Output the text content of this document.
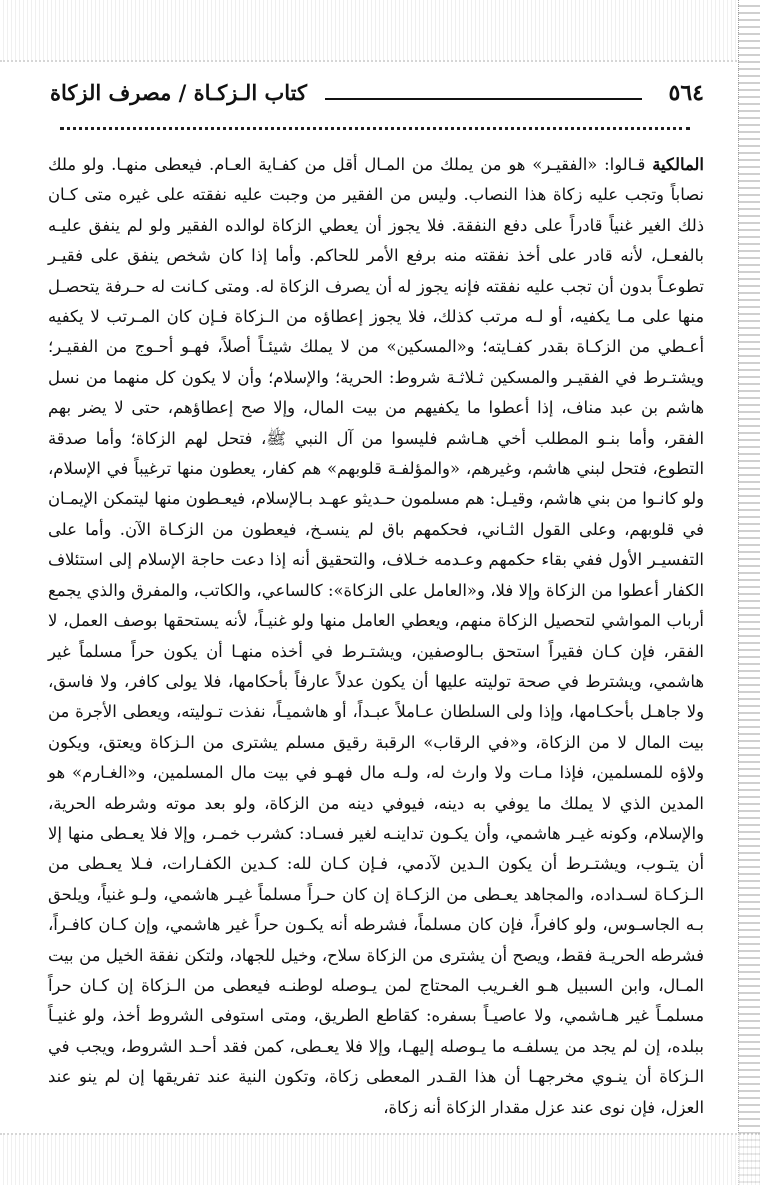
٥٦٤
كتاب الـزكـاة / مصرف الزكاة
المالكية قـالوا: «الفقيـر» هو من يملك من المـال أقل من كفـاية العـام. فيعطى منهـا. ولو ملك نصاباً وتجب عليه زكاة هذا النصاب. وليس من الفقير من وجبت عليه نفقته على غيره متى كـان ذلك الغير غنياً قادراً على دفع النفقة. فلا يجوز أن يعطي الزكاة لوالده الفقير ولو لم ينفق عليـه بالفعـل، لأنه قادر على أخذ نفقته منه برفع الأمر للحاكم. وأما إذا كان شخص ينفق على فقيـر تطوعـاً بدون أن تجب عليه نفقته فإنه يجوز له أن يصرف الزكاة له. ومتى كـانت له حـرفة يتحصـل منها على مـا يكفيه، أو لـه مرتب كذلك، فلا يجوز إعطاؤه من الـزكاة فـإن كان المـرتب لا يكفيه أعـطي من الزكـاة بقدر كفـايته؛ و«المسكين» من لا يملك شيئـاً أصلاً، فهـو أحـوج من الفقيـر؛ ويشتـرط في الفقيـر والمسكين ثـلاثـة شروط: الحرية؛ والإسلام؛ وأن لا يكون كل منهما من نسل هاشم بن عبد مناف، إذا أعطوا ما يكفيهم من بيت المال، وإلا صح إعطاؤهم، حتى لا يضر بهم الفقر، وأما بنـو المطلب أخي هـاشم فليسوا من آل النبي ﷺ، فتحل لهم الزكاة؛ وأما صدقة التطوع، فتحل لبني هاشم، وغيرهم، «والمؤلفـة قلوبهم» هم كفار، يعطون منها ترغيباً في الإسلام، ولو كانـوا من بني هاشم، وقيـل: هم مسلمون حـديثو عهـد بـالإسلام، فيعـطون منها ليتمكن الإيمـان في قلوبهم، وعلى القول الثـاني، فحكمهم باق لم ينسـخ، فيعطون من الزكـاة الآن. وأما على التفسيـر الأول ففي بقاء حكمهم وعـدمه خـلاف، والتحقيق أنه إذا دعت حاجة الإسلام إلى استئلاف الكفار أعطوا من الزكاة وإلا فلا، و«العامل على الزكاة»: كالساعي، والكاتب، والمفرق والذي يجمع أرباب المواشي لتحصيل الزكاة منهم، ويعطي العامل منها ولو غنيـاً، لأنه يستحقها بوصف العمل، لا الفقر، فإن كـان فقيراً استحق بـالوصفين، ويشتـرط في أخذه منهـا أن يكون حراً مسلماً غير هاشمي، ويشترط في صحة توليته عليها أن يكون عدلاً عارفاً بأحكامها، فلا يولى كافر، ولا فاسق، ولا جاهـل بأحكـامها، وإذا ولى السلطان عـاملاً عبـداً، أو هاشميـاً، نفذت تـوليته، ويعطى الأجرة من بيت المال لا من الزكاة، و«في الرقاب» الرقبة رقيق مسلم يشترى من الـزكاة ويعتق، ويكون ولاؤه للمسلمين، فإذا مـات ولا وارث له، ولـه مال فهـو في بيت مال المسلمين، و«الغـارم» هو المدين الذي لا يملك ما يوفي به دينه، فيوفي دينه من الزكاة، ولو بعد موته وشرطه الحرية، والإسلام، وكونه غيـر هاشمي، وأن يكـون تداينـه لغير فسـاد: كشرب خمـر، وإلا فلا يعـطى منها إلا أن يتـوب، ويشتـرط أن يكون الـدين لآدمي، فـإن كـان لله: كـدين الكفـارات، فـلا يعـطى من الـزكـاة لسـداده، والمجاهد يعـطى من الزكـاة إن كان حـراً مسلماً غيـر هاشمي، ولـو غنياً، ويلحق بـه الجاسـوس، ولو كافراً، فإن كان مسلماً، فشرطه أنه يكـون حراً غير هاشمي، وإن كـان كافـراً، فشرطه الحريـة فقط، ويصح أن يشترى من الزكاة سلاح، وخيل للجهاد، ولتكن نفقة الخيل من بيت المـال، وابن السبيل هـو الغـريب المحتاج لمن يـوصله لوطنـه فيعطى من الـزكاة إن كـان حراً مسلمـاً غير هـاشمي، ولا عاصيـاً بسفره: كقاطع الطريق، ومتى استوفى الشروط أخذ، ولو غنيـاً ببلده، إن لم يجد من يسلفـه ما يـوصله إليهـا، وإلا فلا يعـطى، كمن فقد أحـد الشروط، ويجب في الـزكاة أن ينـوي مخرجهـا أن هذا القـدر المعطى زكاة، وتكون النية عند تفريقها إن لم ينو عند العزل، فإن نوى عند عزل مقدار الزكاة أنه زكاة،
